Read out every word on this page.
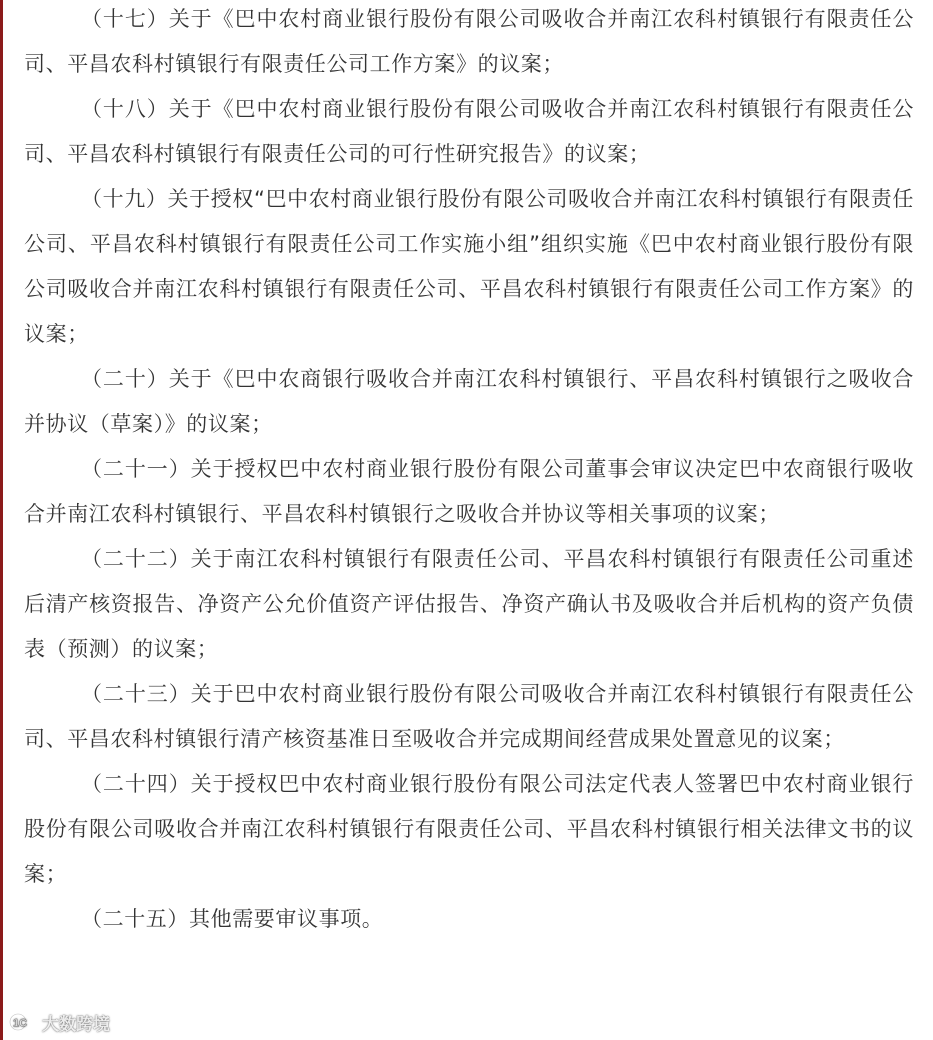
（十七）关于《巴中农村商业银行股份有限公司吸收合并南江农科村镇银行有限责任公司、平昌农科村镇银行有限责任公司工作方案》的议案；

（十八）关于《巴中农村商业银行股份有限公司吸收合并南江农科村镇银行有限责任公司、平昌农科村镇银行有限责任公司的可行性研究报告》的议案；

（十九）关于授权“巴中农村商业银行股份有限公司吸收合并南江农科村镇银行有限责任公司、平昌农科村镇银行有限责任公司工作实施小组”组织实施《巴中农村商业银行股份有限公司吸收合并南江农科村镇银行有限责任公司、平昌农科村镇银行有限责任公司工作方案》的议案；

（二十）关于《巴中农商银行吸收合并南江农科村镇银行、平昌农科村镇银行之吸收合并协议（草案）》的议案；

（二十一）关于授权巴中农村商业银行股份有限公司董事会审议决定巴中农商银行吸收合并南江农科村镇银行、平昌农科村镇银行之吸收合并协议等相关事项的议案；

（二十二）关于南江农科村镇银行有限责任公司、平昌农科村镇银行有限责任公司重述后清产核资报告、净资产公允价值资产评估报告、净资产确认书及吸收合并后机构的资产负债表（预测）的议案；

（二十三）关于巴中农村商业银行股份有限公司吸收合并南江农科村镇银行有限责任公司、平昌农科村镇银行清产核资基准日至吸收合并完成期间经营成果处置意见的议案；

（二十四）关于授权巴中农村商业银行股份有限公司法定代表人签署巴中农村商业银行股份有限公司吸收合并南江农科村镇银行有限责任公司、平昌农科村镇银行相关法律文书的议案；

（二十五）其他需要审议事项。

1C 大数跨境
